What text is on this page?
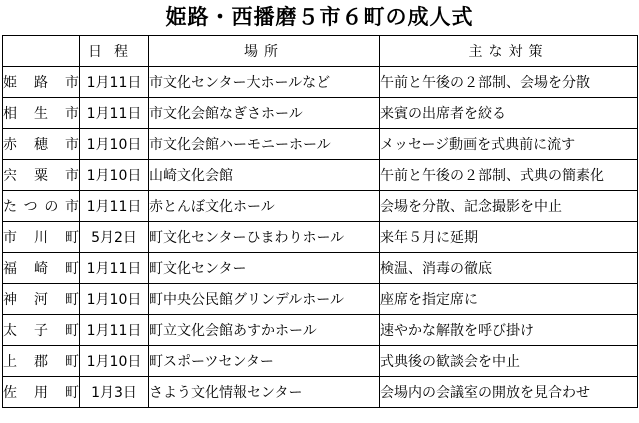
姫路・西播磨５市６町の成人式
	日程	場所	主な対策
姫路市	1月11日	市文化センター大ホールなど	午前と午後の２部制、会場を分散
相生市	1月11日	市文化会館なぎさホール	来賓の出席者を絞る
赤穂市	1月10日	市文化会館ハーモニーホール	メッセージ動画を式典前に流す
宍粟市	1月10日	山崎文化会館	午前と午後の２部制、式典の簡素化
たつの市	1月11日	赤とんぼ文化ホール	会場を分散、記念撮影を中止
市川町	5月2日	町文化センターひまわりホール	来年５月に延期
福崎町	1月11日	町文化センター	検温、消毒の徹底
神河町	1月10日	町中央公民館グリンデルホール	座席を指定席に
太子町	1月11日	町立文化会館あすかホール	速やかな解散を呼び掛け
上郡町	1月10日	町スポーツセンター	式典後の歓談会を中止
佐用町	1月3日	さよう文化情報センター	会場内の会議室の開放を見合わせ
